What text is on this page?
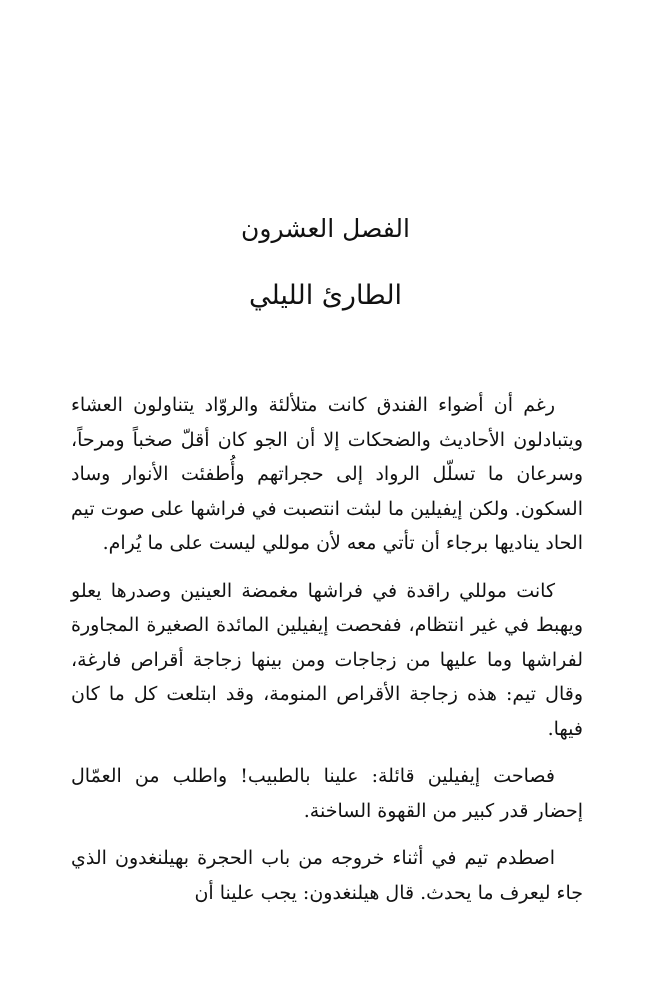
الفصل العشرون
الطارئ الليلي

رغم أن أضواء الفندق كانت متلألئة والروّاد يتناولون العشاء ويتبادلون الأحاديث والضحكات إلا أن الجو كان أقلّ صخباً ومرحاً، وسرعان ما تسلّل الرواد إلى حجراتهم وأُطفئت الأنوار وساد السكون. ولكن إيفيلين ما لبثت انتصبت في فراشها على صوت تيم الحاد يناديها برجاء أن تأتي معه لأن موللي ليست على ما يُرام.

كانت موللي راقدة في فراشها مغمضة العينين وصدرها يعلو ويهبط في غير انتظام، ففحصت إيفيلين المائدة الصغيرة المجاورة لفراشها وما عليها من زجاجات ومن بينها زجاجة أقراص فارغة، وقال تيم: هذه زجاجة الأقراص المنومة، وقد ابتلعت كل ما كان فيها.

فصاحت إيفيلين قائلة: علينا بالطبيب! واطلب من العمّال إحضار قدر كبير من القهوة الساخنة.

اصطدم تيم في أثناء خروجه من باب الحجرة بهيلنغدون الذي جاء ليعرف ما يحدث. قال هيلنغدون: يجب علينا أن
